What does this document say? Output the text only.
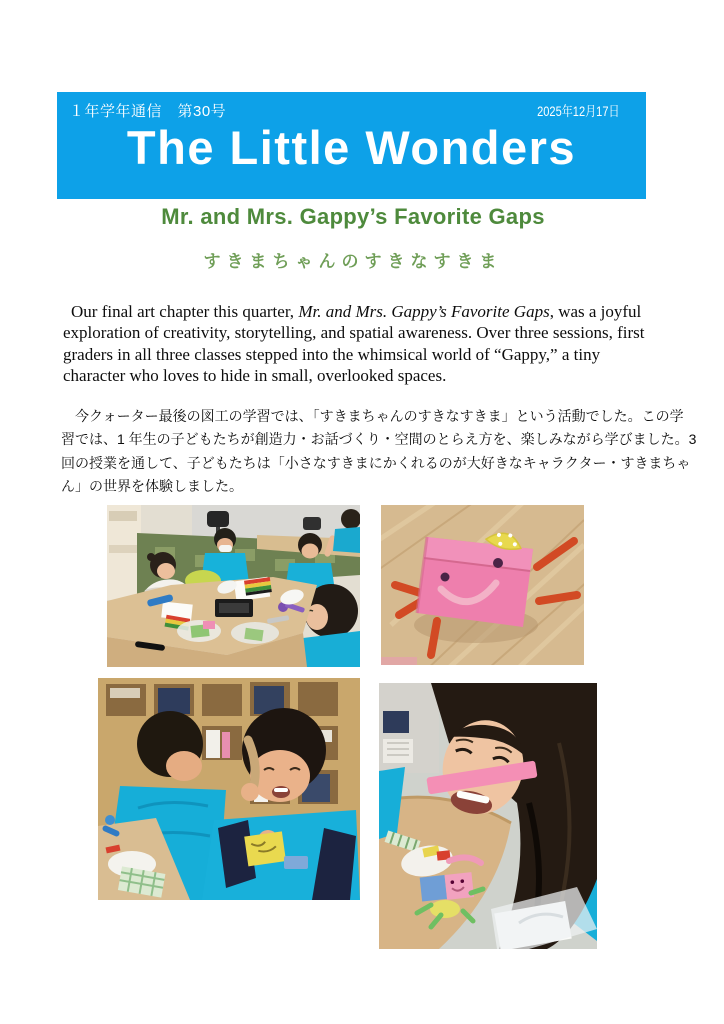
１年学年通信　第30号	2025年12月17日
The Little Wonders
Mr. and Mrs. Gappy’s Favorite Gaps
すきまちゃんのすきなすきま
Our final art chapter this quarter, Mr. and Mrs. Gappy’s Favorite Gaps, was a joyful
exploration of creativity, storytelling, and spatial awareness. Over three sessions, first
graders in all three classes stepped into the whimsical world of “Gappy,” a tiny
character who loves to hide in small, overlooked spaces.
　今クォーター最後の図工の学習では、「すきまちゃんのすきなすきま」という活動でした。この学
習では、1 年生の子どもたちが創造力・お話づくり・空間のとらえ方を、楽しみながら学びました。3
回の授業を通して、子どもたちは「小さなすきまにかくれるのが大好きなキャラクター・すきまちゃ
ん」の世界を体験しました。
